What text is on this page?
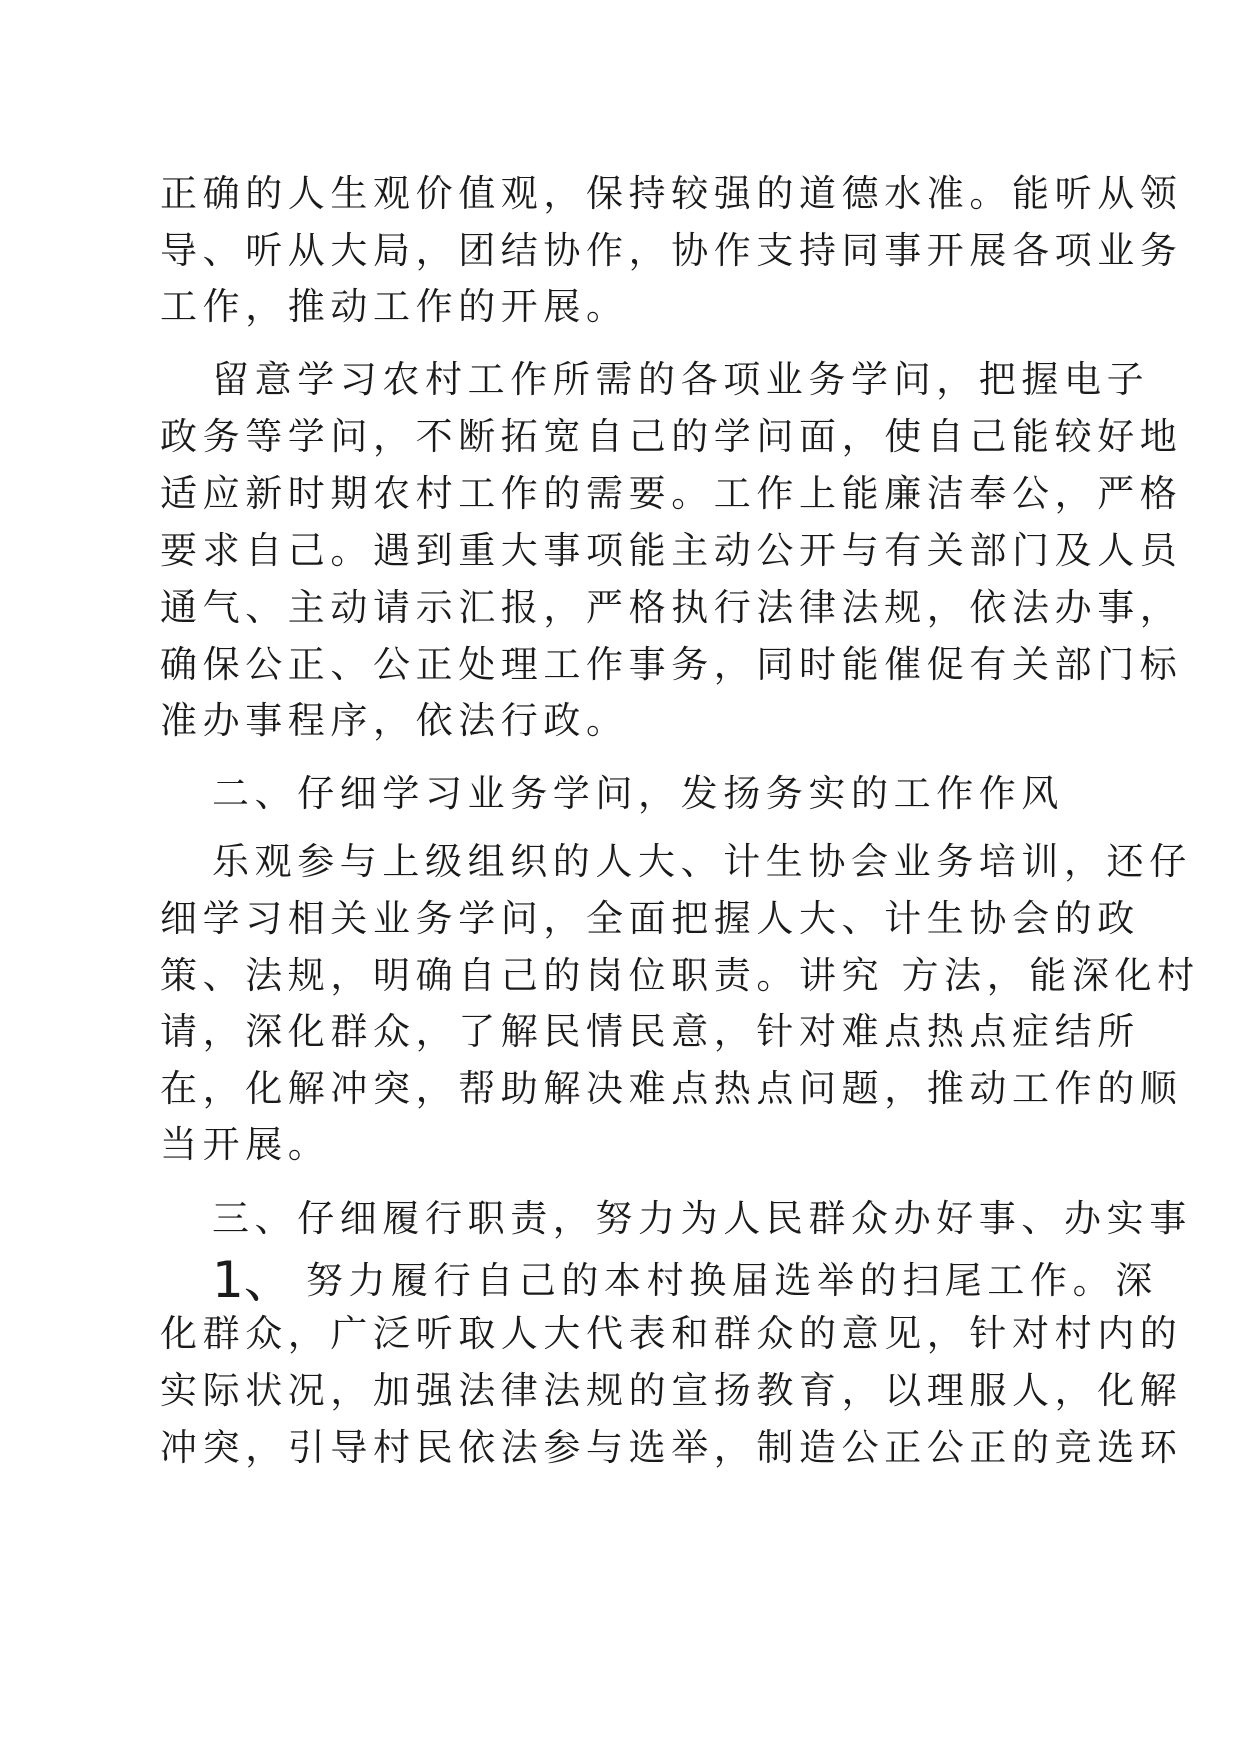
正确的人生观价值观，保持较强的道德水准。能听从领
导、听从大局，团结协作，协作支持同事开展各项业务
工作，推动工作的开展。
留意学习农村工作所需的各项业务学问，把握电子
政务等学问，不断拓宽自己的学问面，使自己能较好地
适应新时期农村工作的需要。工作上能廉洁奉公，严格
要求自己。遇到重大事项能主动公开与有关部门及人员
通气、主动请示汇报，严格执行法律法规，依法办事，
确保公正、公正处理工作事务，同时能催促有关部门标
准办事程序，依法行政。
二、仔细学习业务学问，发扬务实的工作作风
乐观参与上级组织的人大、计生协会业务培训，还仔
细学习相关业务学问，全面把握人大、计生协会的政
策、法规，明确自己的岗位职责。讲究 方法，能深化村
请，深化群众，了解民情民意，针对难点热点症结所
在，化解冲突，帮助解决难点热点问题，推动工作的顺
当开展。
三、仔细履行职责，努力为人民群众办好事、办实事
1、 努力履行自己的本村换届选举的扫尾工作。深
化群众，广泛听取人大代表和群众的意见，针对村内的
实际状况，加强法律法规的宣扬教育，以理服人，化解
冲突，引导村民依法参与选举，制造公正公正的竞选环
